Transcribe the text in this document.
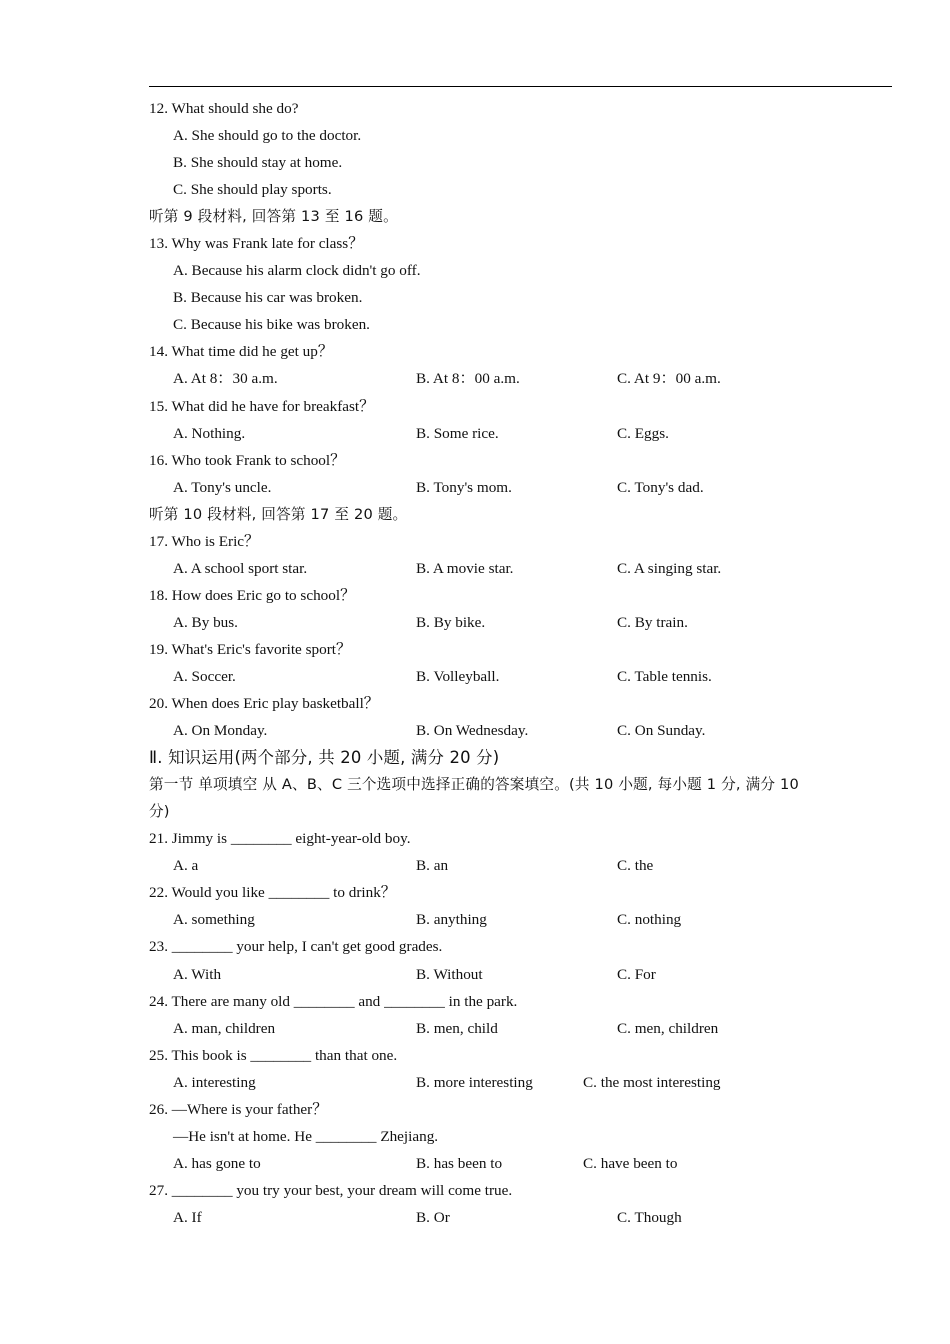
12. What should she do?
A. She should go to the doctor.
B. She should stay at home.
C. She should play sports.
听第 9 段材料, 回答第 13 至 16 题。
13. Why was Frank late for class？
A. Because his alarm clock didn't go off.
B. Because his car was broken.
C. Because his bike was broken.
14. What time did he get up？
A. At 8：30 a.m.	B. At 8：00 a.m.	C. At 9：00 a.m.
15. What did he have for breakfast？
A. Nothing.	B. Some rice.	C. Eggs.
16. Who took Frank to school？
A. Tony's uncle.	B. Tony's mom.	C. Tony's dad.
听第 10 段材料, 回答第 17 至 20 题。
17. Who is Eric？
A. A school sport star.	B. A movie star.	C. A singing star.
18. How does Eric go to school？
A. By bus.	B. By bike.	C. By train.
19. What's Eric's favorite sport？
A. Soccer.	B. Volleyball.	C. Table tennis.
20. When does Eric play basketball？
A. On Monday.	B. On Wednesday.	C. On Sunday.
Ⅱ. 知识运用(两个部分, 共 20 小题, 满分 20 分)
第一节 单项填空 从 A、B、C 三个选项中选择正确的答案填空。(共 10 小题, 每小题 1 分, 满分 10
分)
21. Jimmy is ________ eight-year-old boy.
A. a	B. an	C. the
22. Would you like ________ to drink？
A. something	B. anything	C. nothing
23. ________ your help, I can't get good grades.
A. With	B. Without	C. For
24. There are many old ________ and ________ in the park.
A. man, children	B. men, child	C. men, children
25. This book is ________ than that one.
A. interesting	B. more interesting	C. the most interesting
26. —Where is your father？
—He isn't at home. He ________ Zhejiang.
A. has gone to	B. has been to	C. have been to
27. ________ you try your best, your dream will come true.
A. If	B. Or	C. Though
